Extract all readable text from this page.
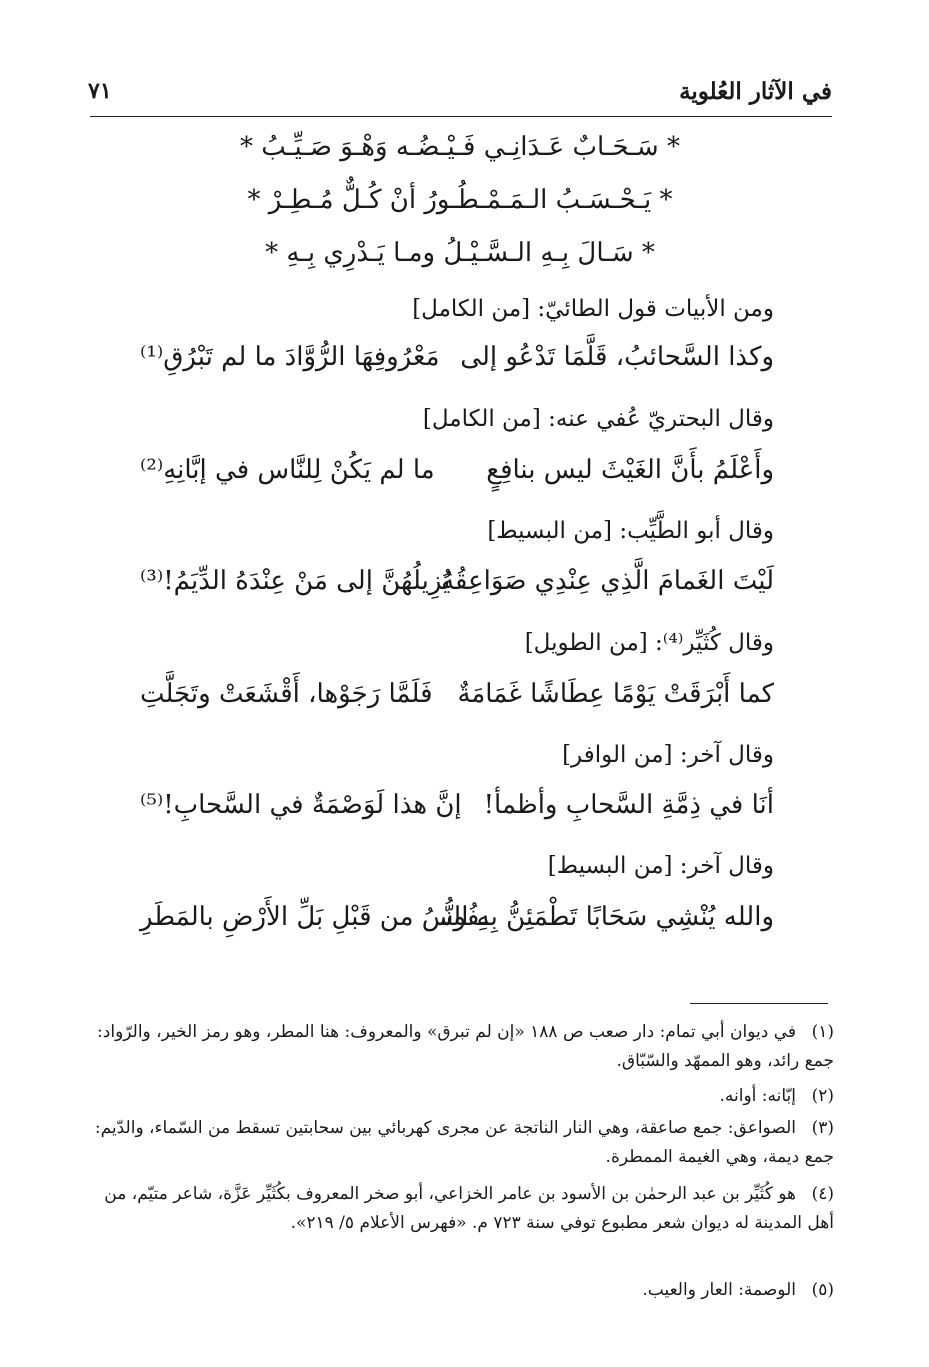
في الآثار العُلوية
٧١
* سَـحَـابٌ عَـدَانِـي فَـيْـضُـه وَهْـوَ صَـيِّـبُ *
* يَـحْـسَـبُ الـمَـمْـطُـورُ أنْ كُـلٌّ مُـطِـرْ *
* سَـالَ بِـهِ الـسَّـيْـلُ ومـا يَـدْرِي بِـهِ *
ومن الأبيات قول الطائيّ: [من الكامل]
وكذا السَّحائبُ، قَلَّمَا تَدْعُو إلى
مَعْرُوفِهَا الرُّوَّادَ ما لم تَبْرُقِ⁽¹⁾
وقال البحتريّ عُفي عنه: [من الكامل]
وأَعْلَمُ بأَنَّ الغَيْثَ ليس بنافِعٍ
ما لم يَكُنْ لِلنَّاس في إبَّانِهِ⁽²⁾
وقال أبو الطَّيِّب: [من البسيط]
لَيْتَ الغَمامَ الَّذِي عِنْدِي صَوَاعِقُهُ
يُزِيلُهُنَّ إلى مَنْ عِنْدَهُ الدِّيَمُ!⁽³⁾
وقال كُثَيِّر⁽⁴⁾: [من الطويل]
كما أَبْرَقَتْ يَوْمًا عِطَاشًا غَمَامَةٌ
فَلَمَّا رَجَوْها، أَقْشَعَتْ وتَجَلَّتِ
وقال آخر: [من الوافر]
أنَا في ذِمَّةِ السَّحابِ وأظمأ!
إنَّ هذا لَوَصْمَةٌ في السَّحابِ!⁽⁵⁾
وقال آخر: [من البسيط]
والله يُنْشِي سَحَابًا تَطْمَئِنُّ بِهِ النُّـ
ـفُوسُ من قَبْلِ بَلِّ الأَرْضِ بالمَطَرِ
(١)في ديوان أبي تمام: دار صعب ص ١٨٨ «إن لم تبرق» والمعروف: هنا المطر، وهو رمز الخير، والرّواد: جمع رائد، وهو الممهّد والسّبّاق.
(٢)إبّانه: أوانه.
(٣)الصواعق: جمع صاعقة، وهي النار الناتجة عن مجرى كهربائي بين سحابتين تسقط من السّماء، والدّيم: جمع ديمة، وهي الغيمة الممطرة.
(٤)هو كُثَيِّر بن عبد الرحمٰن بن الأسود بن عامر الخزاعي، أبو صخر المعروف بكُثَيِّر عَزَّة، شاعر متيّم، من أهل المدينة له ديوان شعر مطبوع توفي سنة ٧٢٣ م. «فهرس الأعلام ٥/ ٢١٩».
(٥)الوصمة: العار والعيب.
